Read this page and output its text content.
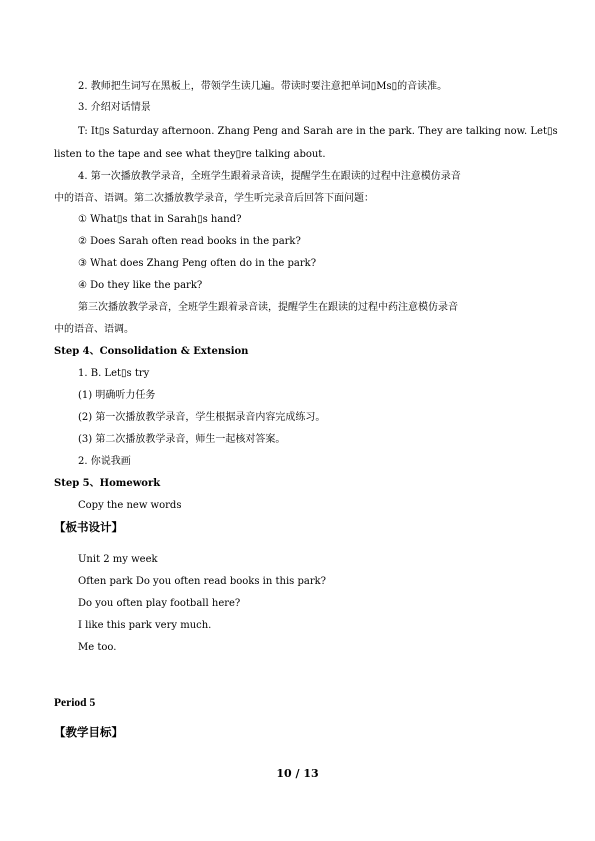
2. 教师把生词写在黑板上，带领学生读几遍。带读时要注意把单词▯Ms▯的音读准。
3. 介绍对话情景
T: It▯s Saturday afternoon. Zhang Peng and Sarah are in the park. They are talking now. Let▯s
listen to the tape and see what they▯re talking about.
4. 第一次播放教学录音，全班学生跟着录音读，提醒学生在跟读的过程中注意模仿录音
中的语音、语调。第二次播放教学录音，学生听完录音后回答下面问题：
① What▯s that in Sarah▯s hand?
② Does Sarah often read books in the park?
③ What does Zhang Peng often do in the park?
④ Do they like the park?
第三次播放教学录音，全班学生跟着录音读，提醒学生在跟读的过程中药注意模仿录音
中的语音、语调。
Step 4、Consolidation & Extension
1. B. Let▯s try
(1) 明确听力任务
(2) 第一次播放教学录音，学生根据录音内容完成练习。
(3) 第二次播放教学录音，师生一起核对答案。
2. 你说我画
Step 5、Homework
Copy the new words
【板书设计】
Unit 2 my week
Often park Do you often read books in this park?
Do you often play football here?
I like this park very much.
Me too.
Period 5
【教学目标】
10 / 13
